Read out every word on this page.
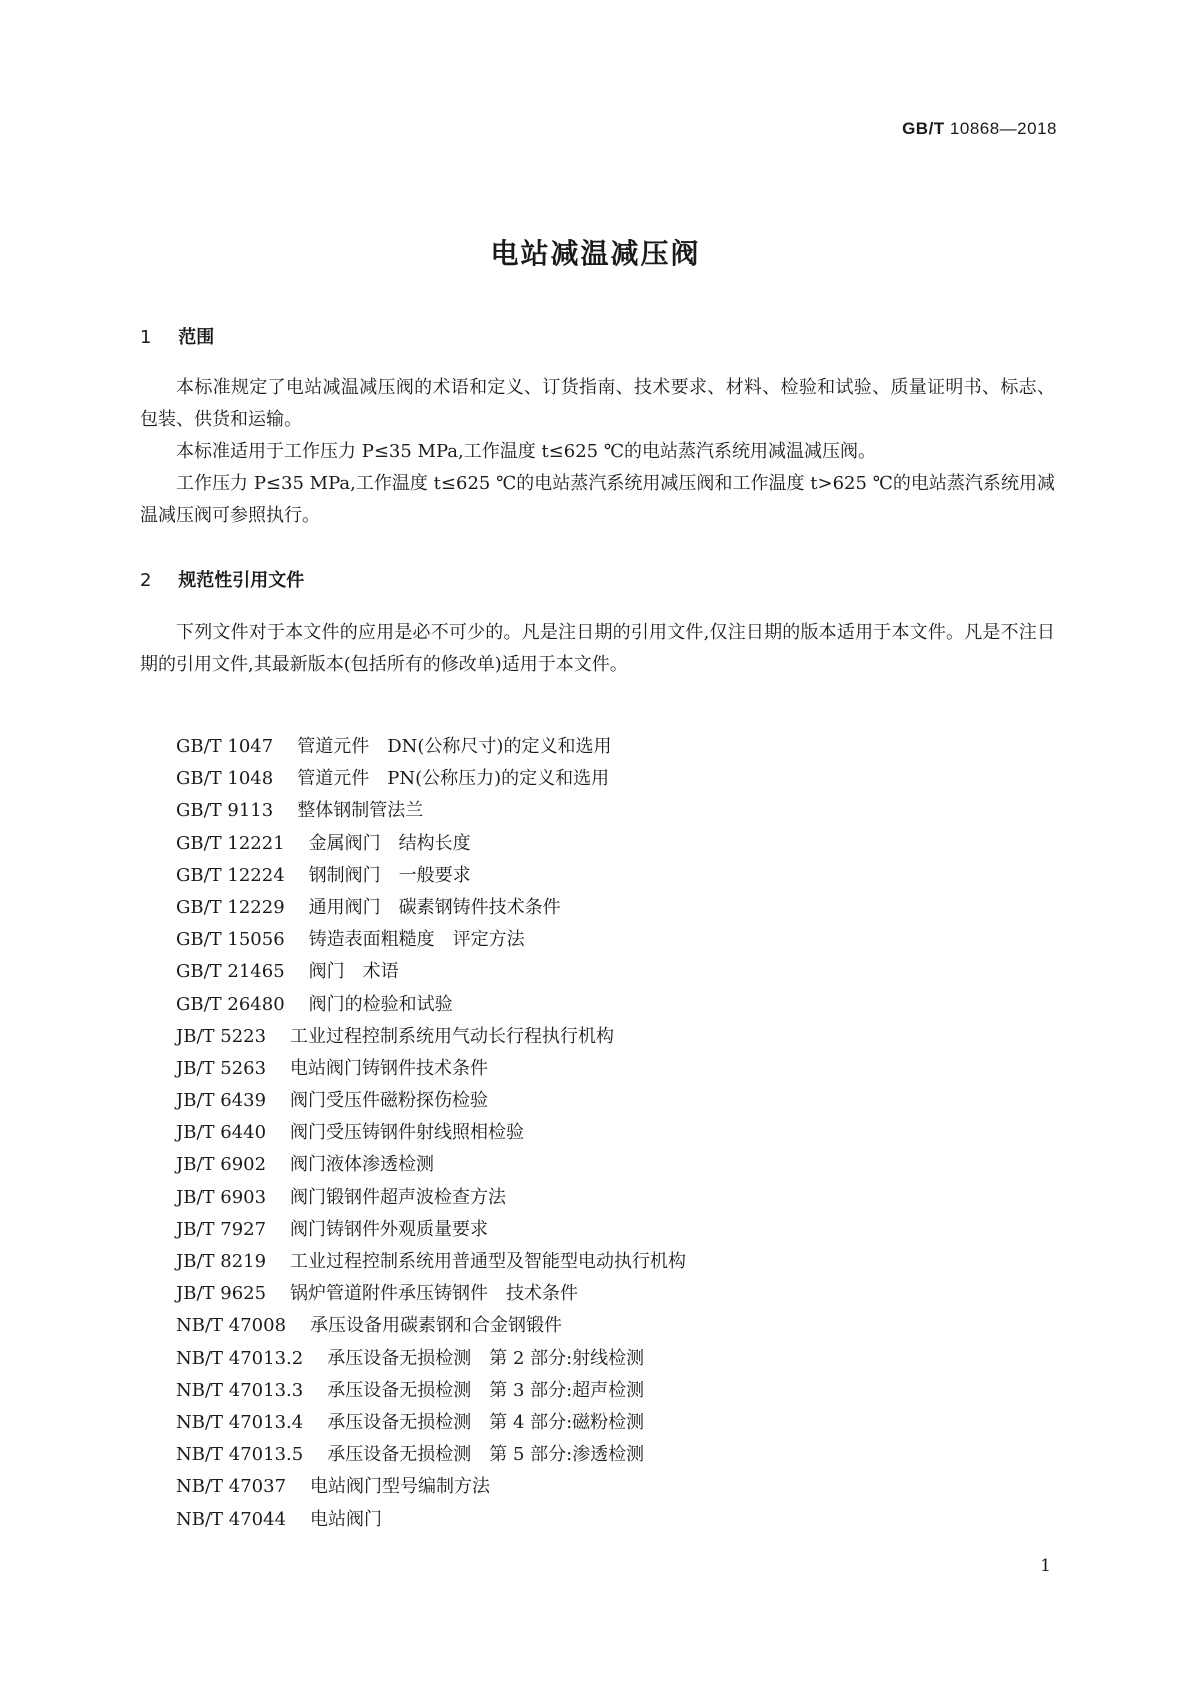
GB/T 10868—2018
电站减温减压阀
1 范围

本标准规定了电站减温减压阀的术语和定义、订货指南、技术要求、材料、检验和试验、质量证明书、标志、包装、供货和运输。

本标准适用于工作压力 P≤35 MPa,工作温度 t≤625 ℃的电站蒸汽系统用减温减压阀。

工作压力 P≤35 MPa,工作温度 t≤625 ℃的电站蒸汽系统用减压阀和工作温度 t>625 ℃的电站蒸汽系统用减温减压阀可参照执行。

2 规范性引用文件

下列文件对于本文件的应用是必不可少的。凡是注日期的引用文件,仅注日期的版本适用于本文件。凡是不注日期的引用文件,其最新版本(包括所有的修改单)适用于本文件。

GB/T 1047 管道元件　DN(公称尺寸)的定义和选用
GB/T 1048 管道元件　PN(公称压力)的定义和选用
GB/T 9113 整体钢制管法兰
GB/T 12221 金属阀门　结构长度
GB/T 12224 钢制阀门　一般要求
GB/T 12229 通用阀门　碳素钢铸件技术条件
GB/T 15056 铸造表面粗糙度　评定方法
GB/T 21465 阀门　术语
GB/T 26480 阀门的检验和试验
JB/T 5223 工业过程控制系统用气动长行程执行机构
JB/T 5263 电站阀门铸钢件技术条件
JB/T 6439 阀门受压件磁粉探伤检验
JB/T 6440 阀门受压铸钢件射线照相检验
JB/T 6902 阀门液体渗透检测
JB/T 6903 阀门锻钢件超声波检查方法
JB/T 7927 阀门铸钢件外观质量要求
JB/T 8219 工业过程控制系统用普通型及智能型电动执行机构
JB/T 9625 锅炉管道附件承压铸钢件　技术条件
NB/T 47008 承压设备用碳素钢和合金钢锻件
NB/T 47013.2 承压设备无损检测　第 2 部分:射线检测
NB/T 47013.3 承压设备无损检测　第 3 部分:超声检测
NB/T 47013.4 承压设备无损检测　第 4 部分:磁粉检测
NB/T 47013.5 承压设备无损检测　第 5 部分:渗透检测
NB/T 47037 电站阀门型号编制方法
NB/T 47044 电站阀门
1
